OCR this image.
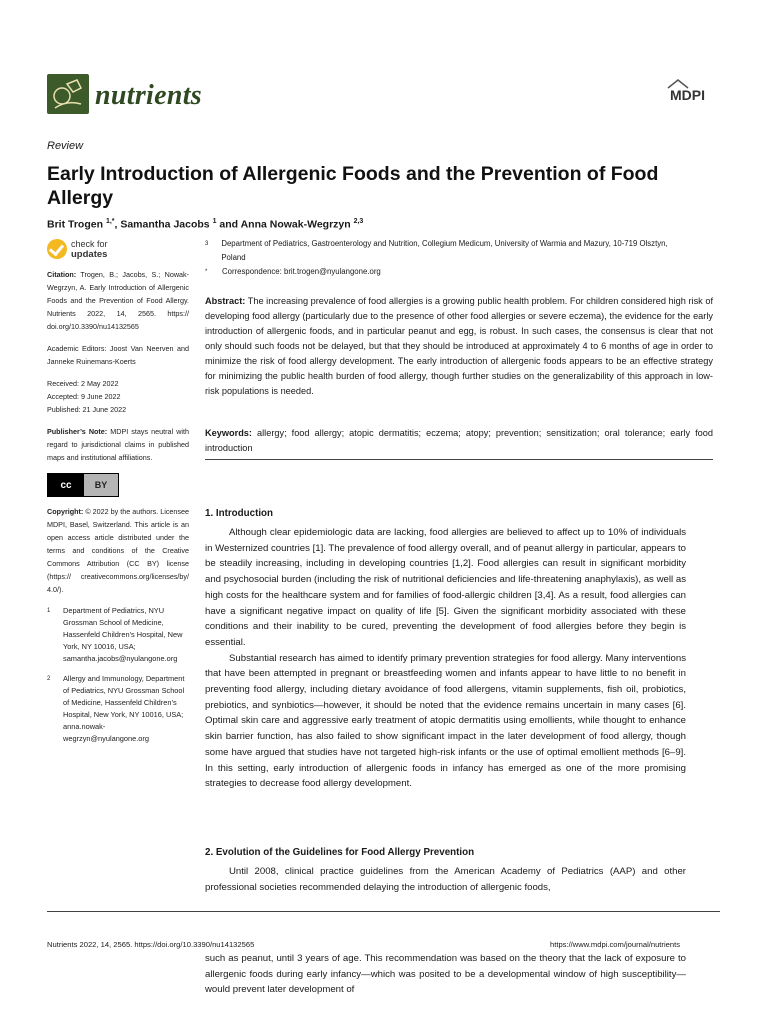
nutrients	MDPI
Review
Early Introduction of Allergenic Foods and the Prevention of Food Allergy
Brit Trogen $^{1,*}$, Samantha Jacobs $^1$ and Anna Nowak-Wegrzyn $^{2,3}$
check for
updates

Citation: Trogen, B.; Jacobs, S.; Nowak-Wegrzyn, A. Early Introduction of Allergenic Foods and the Prevention of Food Allergy. Nutrients 2022, 14, 2565. https:// doi.org/10.3390/nu14132565

Academic Editors: Joost Van Neerven and Janneke Ruinemans-Koerts

Received: 2 May 2022
Accepted: 9 June 2022
Published: 21 June 2022

Publisher’s Note: MDPI stays neutral with regard to jurisdictional claims in published maps and institutional affiliations.

cc	BY

Copyright: © 2022 by the authors. Licensee MDPI, Basel, Switzerland. This article is an open access article distributed under the terms and conditions of the Creative Commons Attribution (CC BY) license (https:// creativecommons.org/licenses/by/ 4.0/).

1	Department of Pediatrics, NYU Grossman School of Medicine, Hassenfeld Children’s Hospital, New York, NY 10016, USA; samantha.jacobs@nyulangone.org
2	Allergy and Immunology, Department of Pediatrics, NYU Grossman School of Medicine, Hassenfeld Children’s Hospital, New York, NY 10016, USA; anna.nowak-wegrzyn@nyulangone.org
3	Department of Pediatrics, Gastroenterology and Nutrition, Collegium Medicum, University of Warmia and Mazury, 10-719 Olsztyn, Poland
*	Correspondence: brit.trogen@nyulangone.org
Abstract: The increasing prevalence of food allergies is a growing public health problem. For children considered high risk of developing food allergy (particularly due to the presence of other food allergies or severe eczema), the evidence for the early introduction of allergenic foods, and in particular peanut and egg, is robust. In such cases, the consensus is clear that not only should such foods not be delayed, but that they should be introduced at approximately 4 to 6 months of age in order to minimize the risk of food allergy development. The early introduction of allergenic foods appears to be an effective strategy for minimizing the public health burden of food allergy, though further studies on the generalizability of this approach in low-risk populations is needed.
Keywords: allergy; food allergy; atopic dermatitis; eczema; atopy; prevention; sensitization; oral tolerance; early food introduction
1. Introduction

Although clear epidemiologic data are lacking, food allergies are believed to affect up to 10% of individuals in Westernized countries [1]. The prevalence of food allergy overall, and of peanut allergy in particular, appears to be steadily increasing, including in developing countries [1,2]. Food allergies can result in significant morbidity and psychosocial burden (including the risk of nutritional deficiencies and life-threatening anaphylaxis), as well as high costs for the healthcare system and for families of food-allergic children [3,4]. As a result, food allergies can have a significant negative impact on quality of life [5]. Given the significant morbidity associated with these conditions and their inability to be cured, preventing the development of food allergies before they begin is essential.

Substantial research has aimed to identify primary prevention strategies for food allergy. Many interventions that have been attempted in pregnant or breastfeeding women and infants appear to have little to no benefit in preventing food allergy, including dietary avoidance of food allergens, vitamin supplements, fish oil, probiotics, prebiotics, and synbiotics—however, it should be noted that the evidence remains uncertain in many cases [6]. Optimal skin care and aggressive early treatment of atopic dermatitis using emollients, while thought to enhance skin barrier function, has also failed to show significant impact in the later development of food allergy, though some have argued that studies have not targeted high-risk infants or the use of optimal emollient methods [6–9]. In this setting, early introduction of allergenic foods in infancy has emerged as one of the more promising strategies to decrease food allergy development.

2. Evolution of the Guidelines for Food Allergy Prevention

Until 2008, clinical practice guidelines from the American Academy of Pediatrics (AAP) and other professional societies recommended delaying the introduction of allergenic foods,

Nutrients 2022, 14, 2565. https://doi.org/10.3390/nu14132565	https://www.mdpi.com/journal/nutrients

such as peanut, until 3 years of age. This recommendation was based on the theory that the lack of exposure to allergenic foods during early infancy—which was posited to be a developmental window of high susceptibility—would prevent later development of
